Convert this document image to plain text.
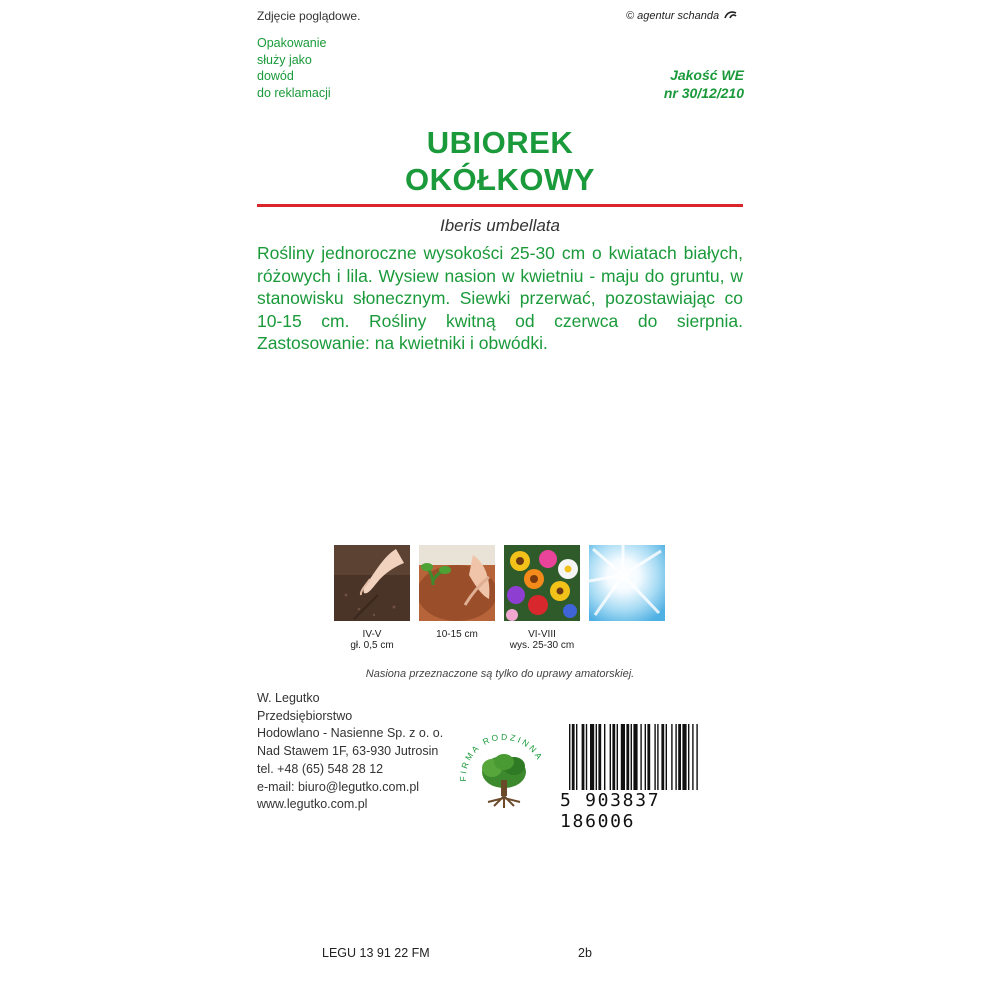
Zdjęcie poglądowe.	© agentur schanda
Opakowanie
służy jako
dowód
do reklamacji
Jakość WE
nr 30/12/210
UBIOREK
OKÓŁKOWY
Iberis umbellata
Rośliny jednoroczne wysokości 25-30 cm o kwiatach białych, różowych i lila. Wysiew nasion w kwietniu - maju do gruntu, w stanowisku słonecznym. Siewki przerwać, pozostawiając co 10-15 cm. Rośliny kwitną od czerwca do sierpnia. Zastosowanie: na kwietniki i obwódki.
IV-V
gł. 0,5 cm
10-15 cm	VI-VIII
wys. 25-30 cm
Nasiona przeznaczone są tylko do uprawy amatorskiej.
W. Legutko
Przedsiębiorstwo
Hodowlano - Nasienne Sp. z o. o.
Nad Stawem 1F, 63-930 Jutrosin
tel. +48 (65) 548 28 12
e-mail: biuro@legutko.com.pl
www.legutko.com.pl
FIRMA RODZINNA
5 903837 186006
LEGU 13 91 22 FM	2b
